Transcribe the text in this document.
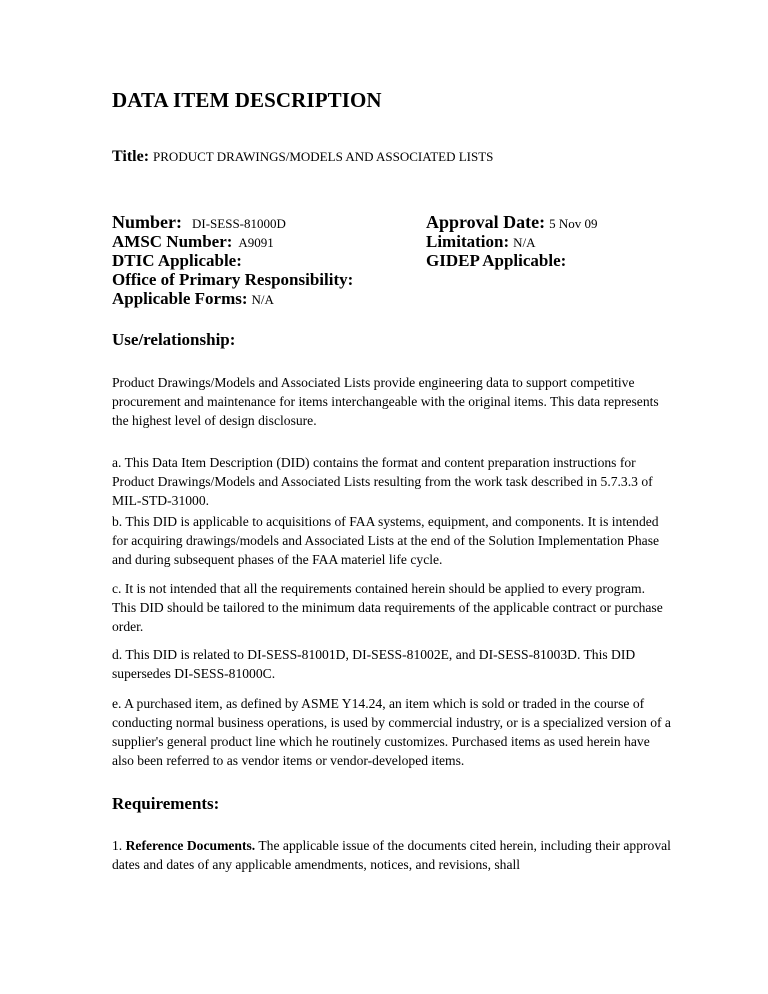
DATA ITEM DESCRIPTION
Title: PRODUCT DRAWINGS/MODELS AND ASSOCIATED LISTS
Number: DI-SESS-81000D
AMSC Number: A9091
DTIC Applicable:
Office of Primary Responsibility:
Applicable Forms: N/A
Approval Date: 5 Nov 09
Limitation: N/A
GIDEP Applicable:
Use/relationship:

Product Drawings/Models and Associated Lists provide engineering data to support competitive procurement and maintenance for items interchangeable with the original items. This data represents the highest level of design disclosure.

a. This Data Item Description (DID) contains the format and content preparation instructions for Product Drawings/Models and Associated Lists resulting from the work task described in 5.7.3.3 of MIL-STD-31000.

b. This DID is applicable to acquisitions of FAA systems, equipment, and components. It is intended for acquiring drawings/models and Associated Lists at the end of the Solution Implementation Phase and during subsequent phases of the FAA materiel life cycle.

c. It is not intended that all the requirements contained herein should be applied to every program. This DID should be tailored to the minimum data requirements of the applicable contract or purchase order.

d. This DID is related to DI-SESS-81001D, DI-SESS-81002E, and DI-SESS-81003D. This DID supersedes DI-SESS-81000C.

e. A purchased item, as defined by ASME Y14.24, an item which is sold or traded in the course of conducting normal business operations, is used by commercial industry, or is a specialized version of a supplier's general product line which he routinely customizes. Purchased items as used herein have also been referred to as vendor items or vendor-developed items.

Requirements:

1. Reference Documents. The applicable issue of the documents cited herein, including their approval dates and dates of any applicable amendments, notices, and revisions, shall
